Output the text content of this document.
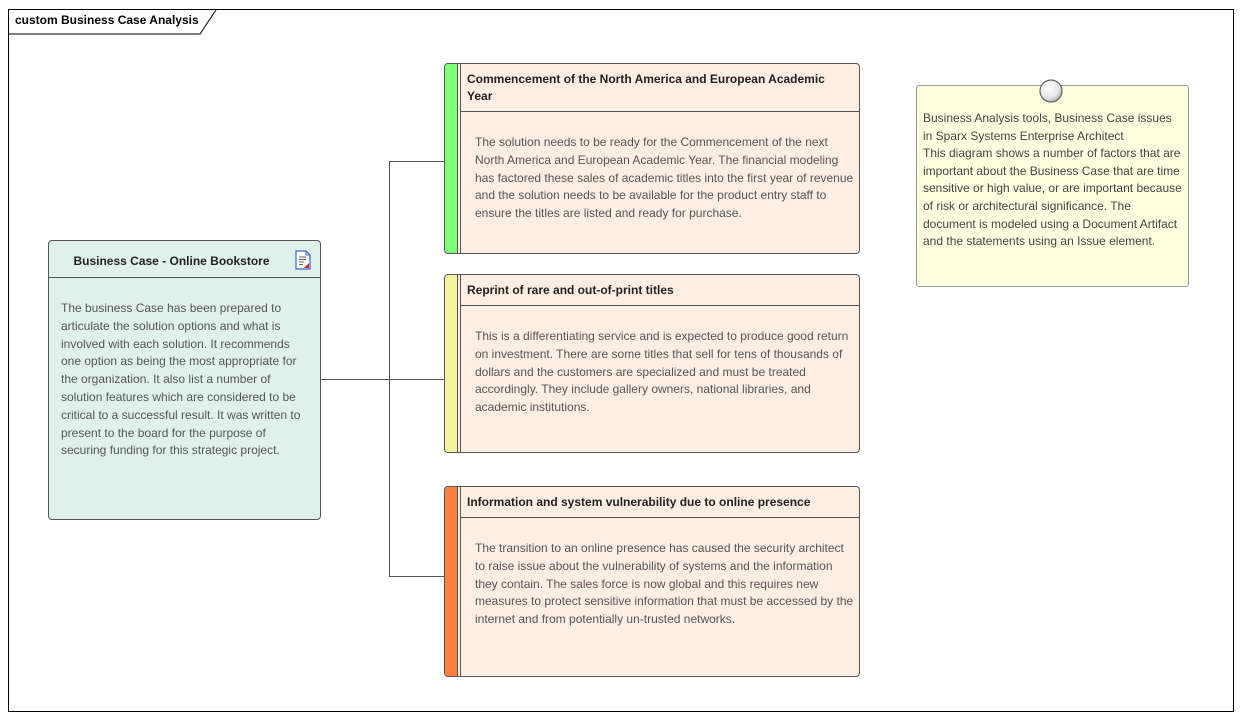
custom Business Case Analysis
Business Case - Online Bookstore
The business Case has been prepared to articulate the solution options and what is involved with each solution. It recommends one option as being the most appropriate for the organization. It also list a number of solution features which are considered to be critical to a successful result. It was written to present to the board for the purpose of securing funding for this strategic project.
Commencement of the North America and European Academic Year
The solution needs to be ready for the Commencement of the next North America and European Academic Year. The financial modeling has factored these sales of academic titles into the first year of revenue and the solution needs to be available for the product entry staff to ensure the titles are listed and ready for purchase.
Reprint of rare and out-of-print titles
This is a differentiating service and is expected to produce good return on investment. There are some titles that sell for tens of thousands of dollars and the customers are specialized and must be treated accordingly. They include gallery owners, national libraries, and academic institutions.
Information and system vulnerability due to online presence
The transition to an online presence has caused the security architect to raise issue about the vulnerability of systems and the information they contain. The sales force is now global and this requires new measures to protect sensitive information that must be accessed by the internet and from potentially un-trusted networks.
Business Analysis tools, Business Case issues in Sparx Systems Enterprise Architect
This diagram shows a number of factors that are important about the Business Case that are time sensitive or high value, or are important because of risk or architectural significance. The document is modeled using a Document Artifact and the statements using an Issue element.
